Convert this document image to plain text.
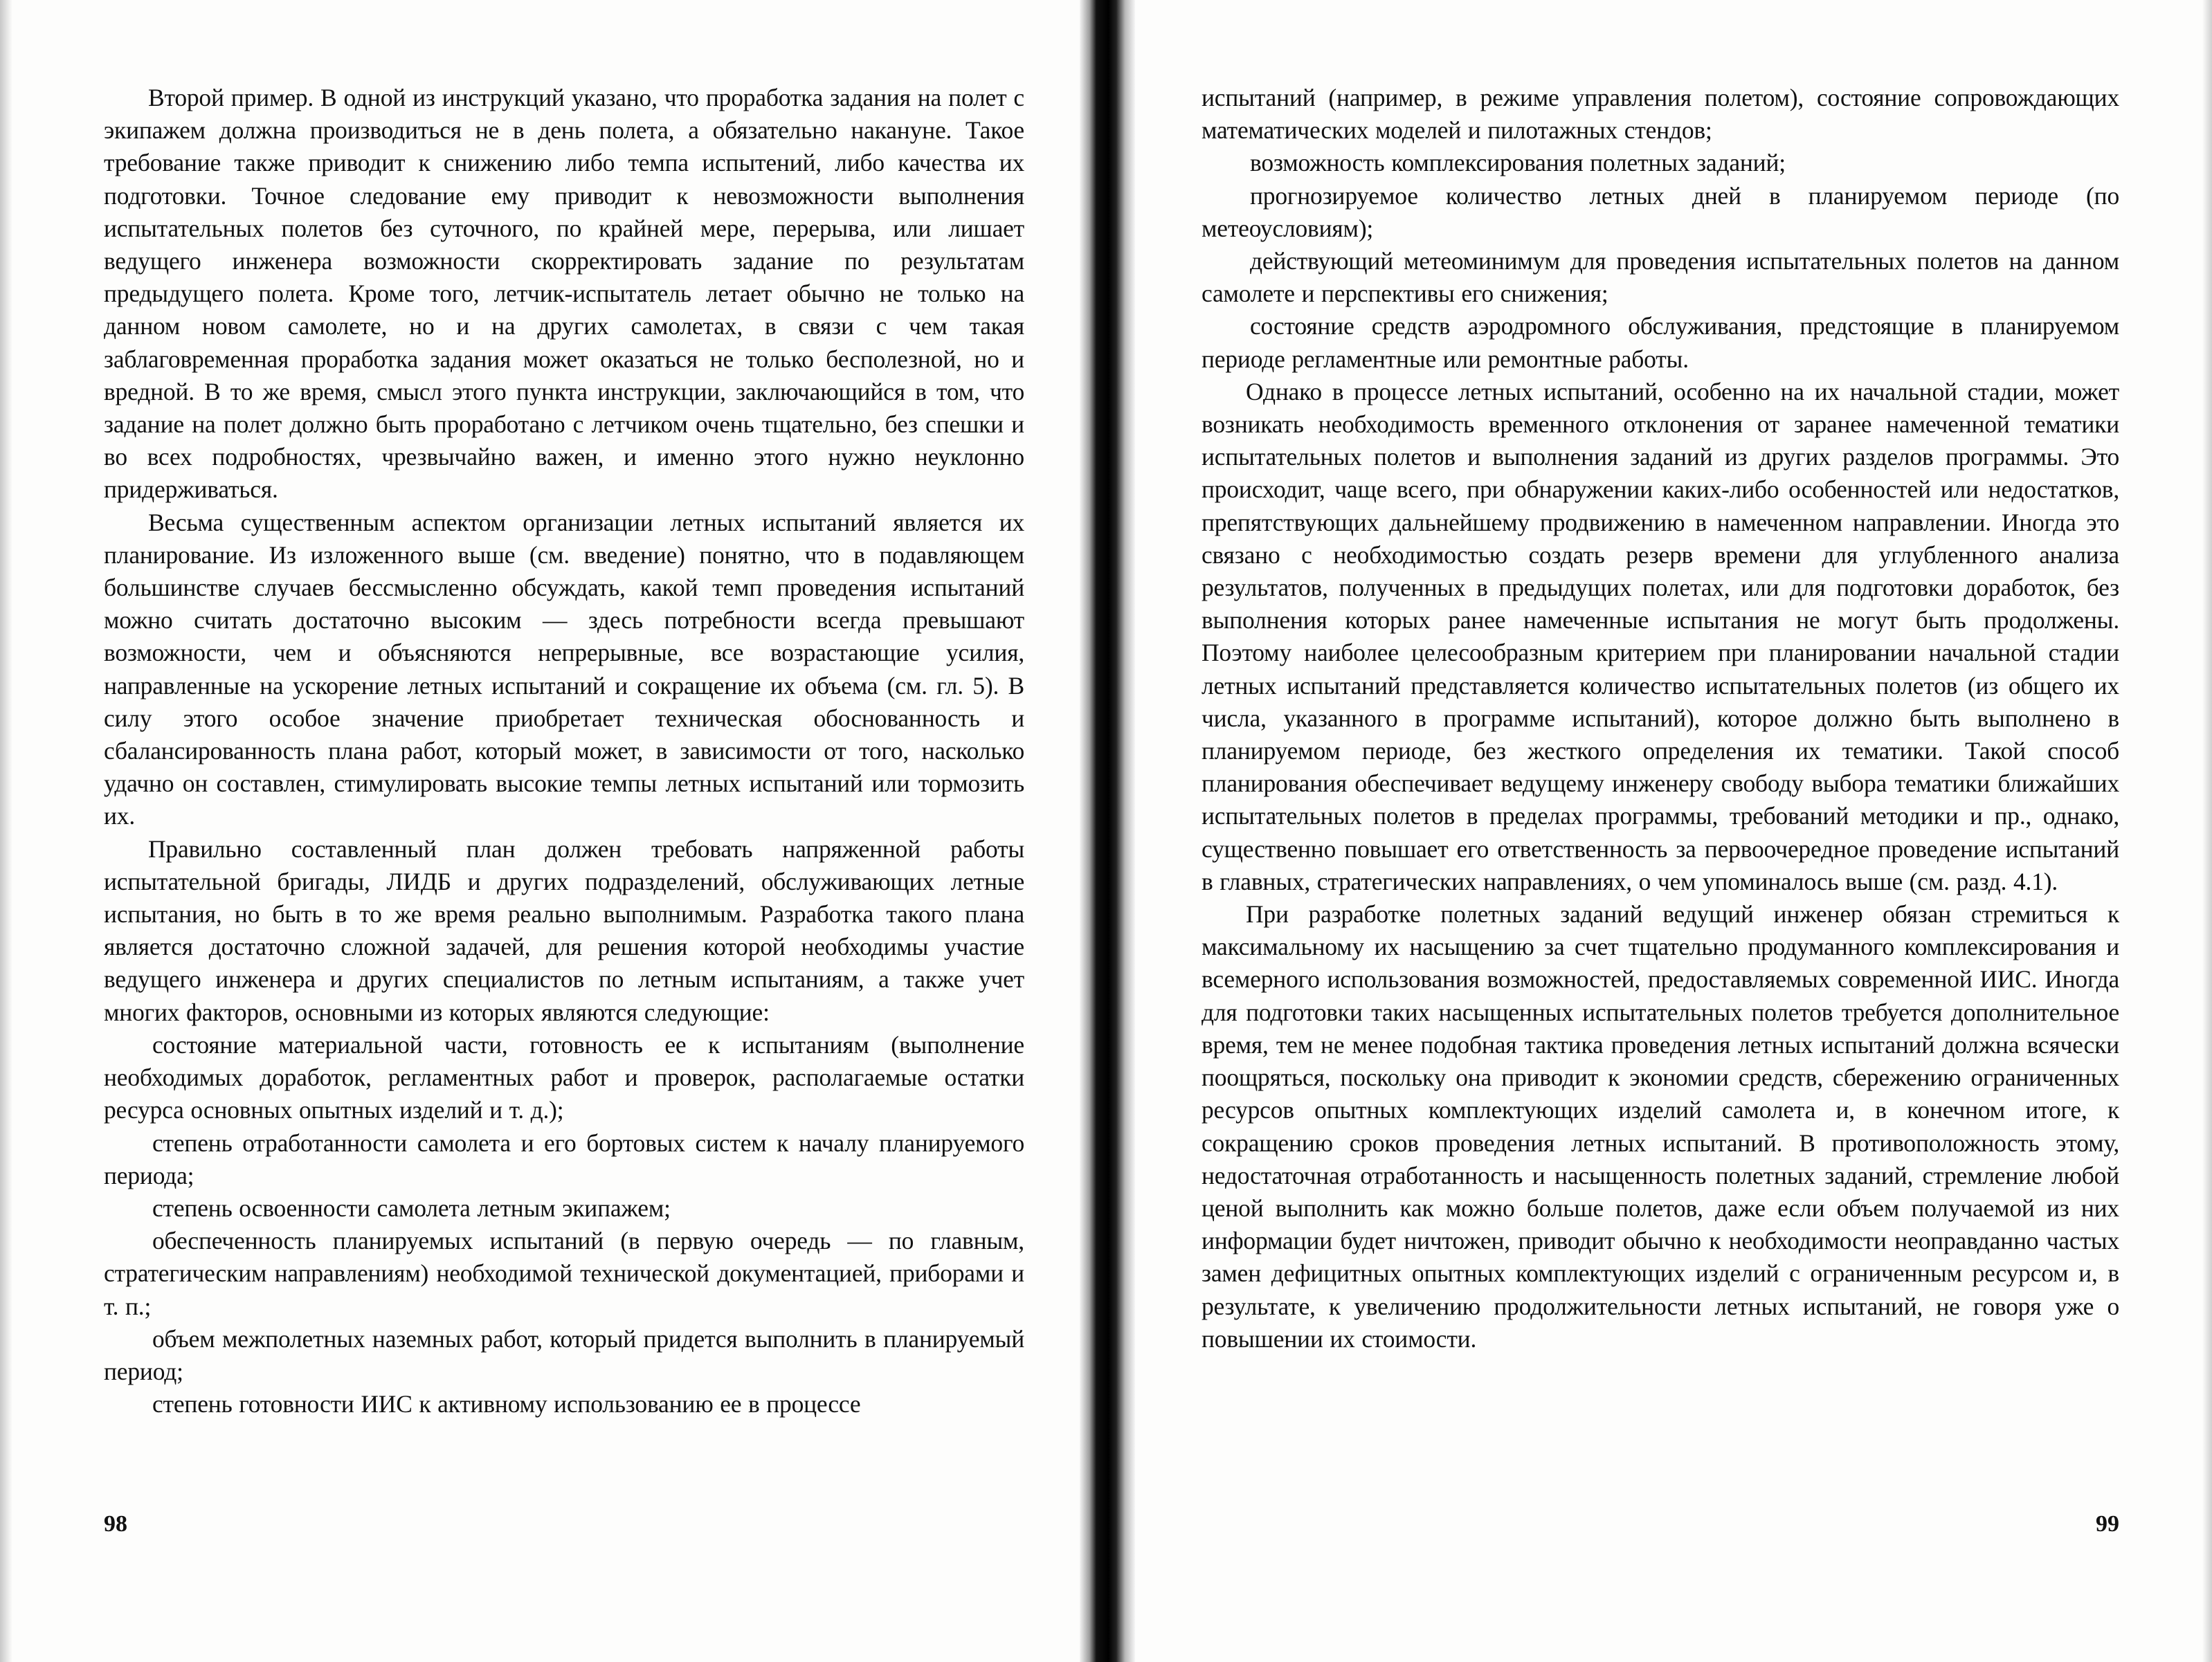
Второй пример. В одной из инструкций указано, что проработка задания на полет с экипажем должна производиться не в день полета, а обязательно накануне. Такое требование также приводит к снижению либо темпа испытений, либо качества их подготовки. Точное следование ему приводит к невозможности выполнения испытательных полетов без суточного, по крайней мере, перерыва, или лишает ведущего инженера возможности скорректировать задание по результатам предыдущего полета. Кроме того, летчик-испытатель летает обычно не только на данном новом самолете, но и на других самолетах, в связи с чем такая заблаговременная проработка задания может оказаться не только бесполезной, но и вредной. В то же время, смысл этого пункта инструкции, заключающийся в том, что задание на полет должно быть проработано с летчиком очень тщательно, без спешки и во всех подробностях, чрезвычайно важен, и именно этого нужно неуклонно придерживаться.

Весьма существенным аспектом организации летных испытаний является их планирование. Из изложенного выше (см. введение) понятно, что в подавляющем большинстве случаев бессмысленно обсуждать, какой темп проведения испытаний можно считать достаточно высоким — здесь потребности всегда превышают возможности, чем и объясняются непрерывные, все возрастающие усилия, направленные на ускорение летных испытаний и сокращение их объема (см. гл. 5). В силу этого особое значение приобретает техническая обоснованность и сбалансированность плана работ, который может, в зависимости от того, насколько удачно он составлен, стимулировать высокие темпы летных испытаний или тормозить их.

Правильно составленный план должен требовать напряженной работы испытательной бригады, ЛИДБ и других подразделений, обслуживающих летные испытания, но быть в то же время реально выполнимым. Разработка такого плана является достаточно сложной задачей, для решения которой необходимы участие ведущего инженера и других специалистов по летным испытаниям, а также учет многих факторов, основными из которых являются следующие:

состояние материальной части, готовность ее к испытаниям (выполнение необходимых доработок, регламентных работ и проверок, располагаемые остатки ресурса основных опытных изделий и т. д.);

степень отработанности самолета и его бортовых систем к началу планируемого периода;

степень освоенности самолета летным экипажем;

обеспеченность планируемых испытаний (в первую очередь — по главным, стратегическим направлениям) необходимой технической документацией, приборами и т. п.;

объем межполетных наземных работ, который придется выполнить в планируемый период;

степень готовности ИИС к активному использованию ее в процессе

98

испытаний (например, в режиме управления полетом), состояние сопровождающих математических моделей и пилотажных стендов;

возможность комплексирования полетных заданий;

прогнозируемое количество летных дней в планируемом периоде (по метеоусловиям);

действующий метеоминимум для проведения испытательных полетов на данном самолете и перспективы его снижения;

состояние средств аэродромного обслуживания, предстоящие в планируемом периоде регламентные или ремонтные работы.

Однако в процессе летных испытаний, особенно на их начальной стадии, может возникать необходимость временного отклонения от заранее намеченной тематики испытательных полетов и выполнения заданий из других разделов программы. Это происходит, чаще всего, при обнаружении каких-либо особенностей или недостатков, препятствующих дальнейшему продвижению в намеченном направлении. Иногда это связано с необходимостью создать резерв времени для углубленного анализа результатов, полученных в предыдущих полетах, или для подготовки доработок, без выполнения которых ранее намеченные испытания не могут быть продолжены. Поэтому наиболее целесообразным критерием при планировании начальной стадии летных испытаний представляется количество испытательных полетов (из общего их числа, указанного в программе испытаний), которое должно быть выполнено в планируемом периоде, без жесткого определения их тематики. Такой способ планирования обеспечивает ведущему инженеру свободу выбора тематики ближайших испытательных полетов в пределах программы, требований методики и пр., однако, существенно повышает его ответственность за первоочередное проведение испытаний в главных, стратегических направлениях, о чем упоминалось выше (см. разд. 4.1).

При разработке полетных заданий ведущий инженер обязан стремиться к максимальному их насыщению за счет тщательно продуманного комплексирования и всемерного использования возможностей, предоставляемых современной ИИС. Иногда для подготовки таких насыщенных испытательных полетов требуется дополнительное время, тем не менее подобная тактика проведения летных испытаний должна всячески поощряться, поскольку она приводит к экономии средств, сбережению ограниченных ресурсов опытных комплектующих изделий самолета и, в конечном итоге, к сокращению сроков проведения летных испытаний. В противоположность этому, недостаточная отработанность и насыщенность полетных заданий, стремление любой ценой выполнить как можно больше полетов, даже если объем получаемой из них информации будет ничтожен, приводит обычно к необходимости неоправданно частых замен дефицитных опытных комплектующих изделий с ограниченным ресурсом и, в результате, к увеличению продолжительности летных испытаний, не говоря уже о повышении их стоимости.

99
